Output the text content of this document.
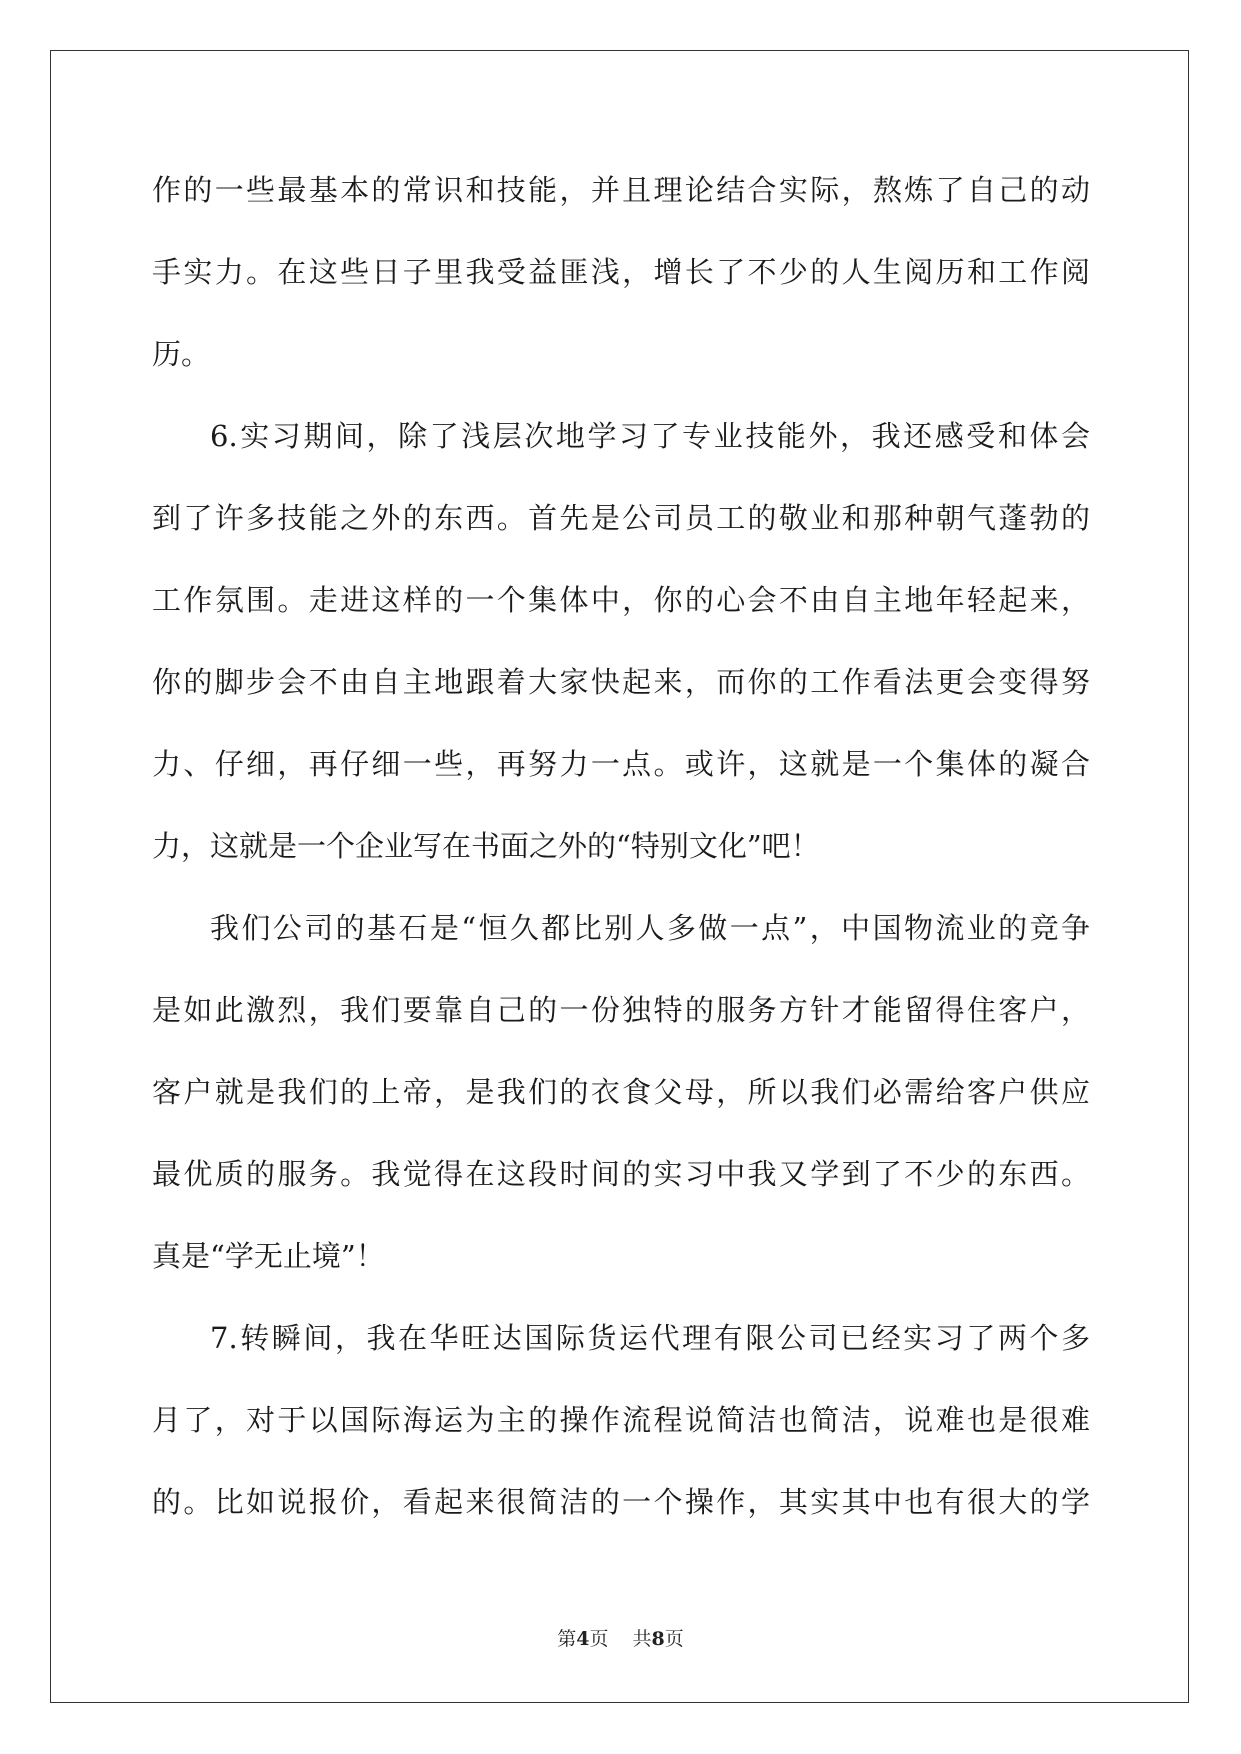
作的一些最基本的常识和技能，并且理论结合实际，熬炼了自己的动
手实力。在这些日子里我受益匪浅，增长了不少的人生阅历和工作阅
历。
6.实习期间，除了浅层次地学习了专业技能外，我还感受和体会
到了许多技能之外的东西。首先是公司员工的敬业和那种朝气蓬勃的
工作氛围。走进这样的一个集体中，你的心会不由自主地年轻起来，
你的脚步会不由自主地跟着大家快起来，而你的工作看法更会变得努
力、仔细，再仔细一些，再努力一点。或许，这就是一个集体的凝合
力，这就是一个企业写在书面之外的“特别文化”吧！
我们公司的基石是“恒久都比别人多做一点”，中国物流业的竞争
是如此激烈，我们要靠自己的一份独特的服务方针才能留得住客户，
客户就是我们的上帝，是我们的衣食父母，所以我们必需给客户供应
最优质的服务。我觉得在这段时间的实习中我又学到了不少的东西。
真是“学无止境”！
7.转瞬间，我在华旺达国际货运代理有限公司已经实习了两个多
月了，对于以国际海运为主的操作流程说简洁也简洁，说难也是很难
的。比如说报价，看起来很简洁的一个操作，其实其中也有很大的学
第4页 共8页
